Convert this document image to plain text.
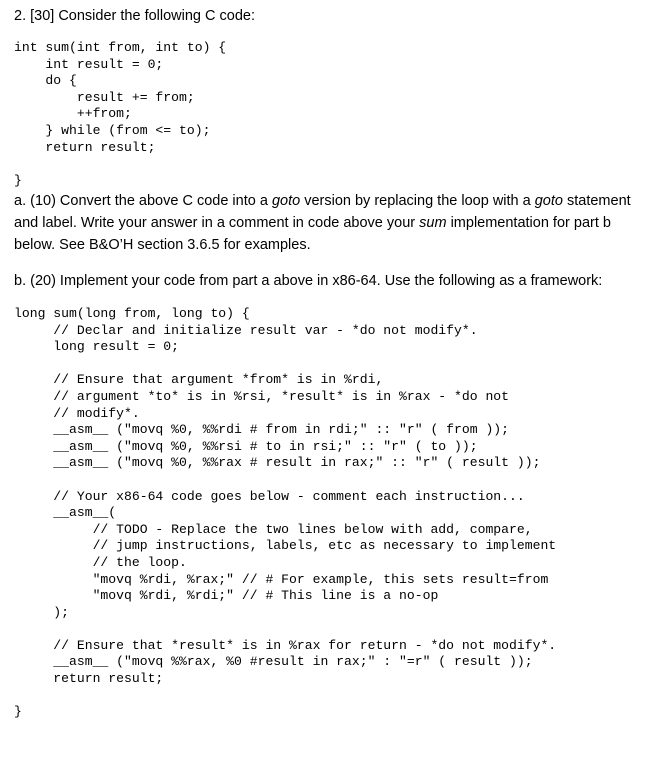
2. [30] Consider the following C code:
int sum(int from, int to) {
int result = 0;
do {
result += from;
++from;
} while (from <= to);
return result;
}
a. (10) Convert the above C code into a goto version by replacing the loop with a goto statement and label. Write your answer in a comment in code above your sum implementation for part b below. See B&O’H section 3.6.5 for examples.
b. (20) Implement your code from part a above in x86-64. Use the following as a framework:
long sum(long from, long to) {
// Declar and initialize result var - *do not modify*.
long result = 0;
// Ensure that argument *from* is in %rdi,
// argument *to* is in %rsi, *result* is in %rax - *do not
// modify*.
__asm__ ("movq %0, %%rdi # from in rdi;" :: "r" ( from ));
__asm__ ("movq %0, %%rsi # to in rsi;" :: "r" ( to ));
__asm__ ("movq %0, %%rax # result in rax;" :: "r" ( result ));
// Your x86-64 code goes below - comment each instruction...
__asm__(
// TODO - Replace the two lines below with add, compare,
// jump instructions, labels, etc as necessary to implement
// the loop.
"movq %rdi, %rax;" // # For example, this sets result=from
"movq %rdi, %rdi;" // # This line is a no-op
);
// Ensure that *result* is in %rax for return - *do not modify*.
__asm__ ("movq %%rax, %0 #result in rax;" : "=r" ( result ));
return result;
}
